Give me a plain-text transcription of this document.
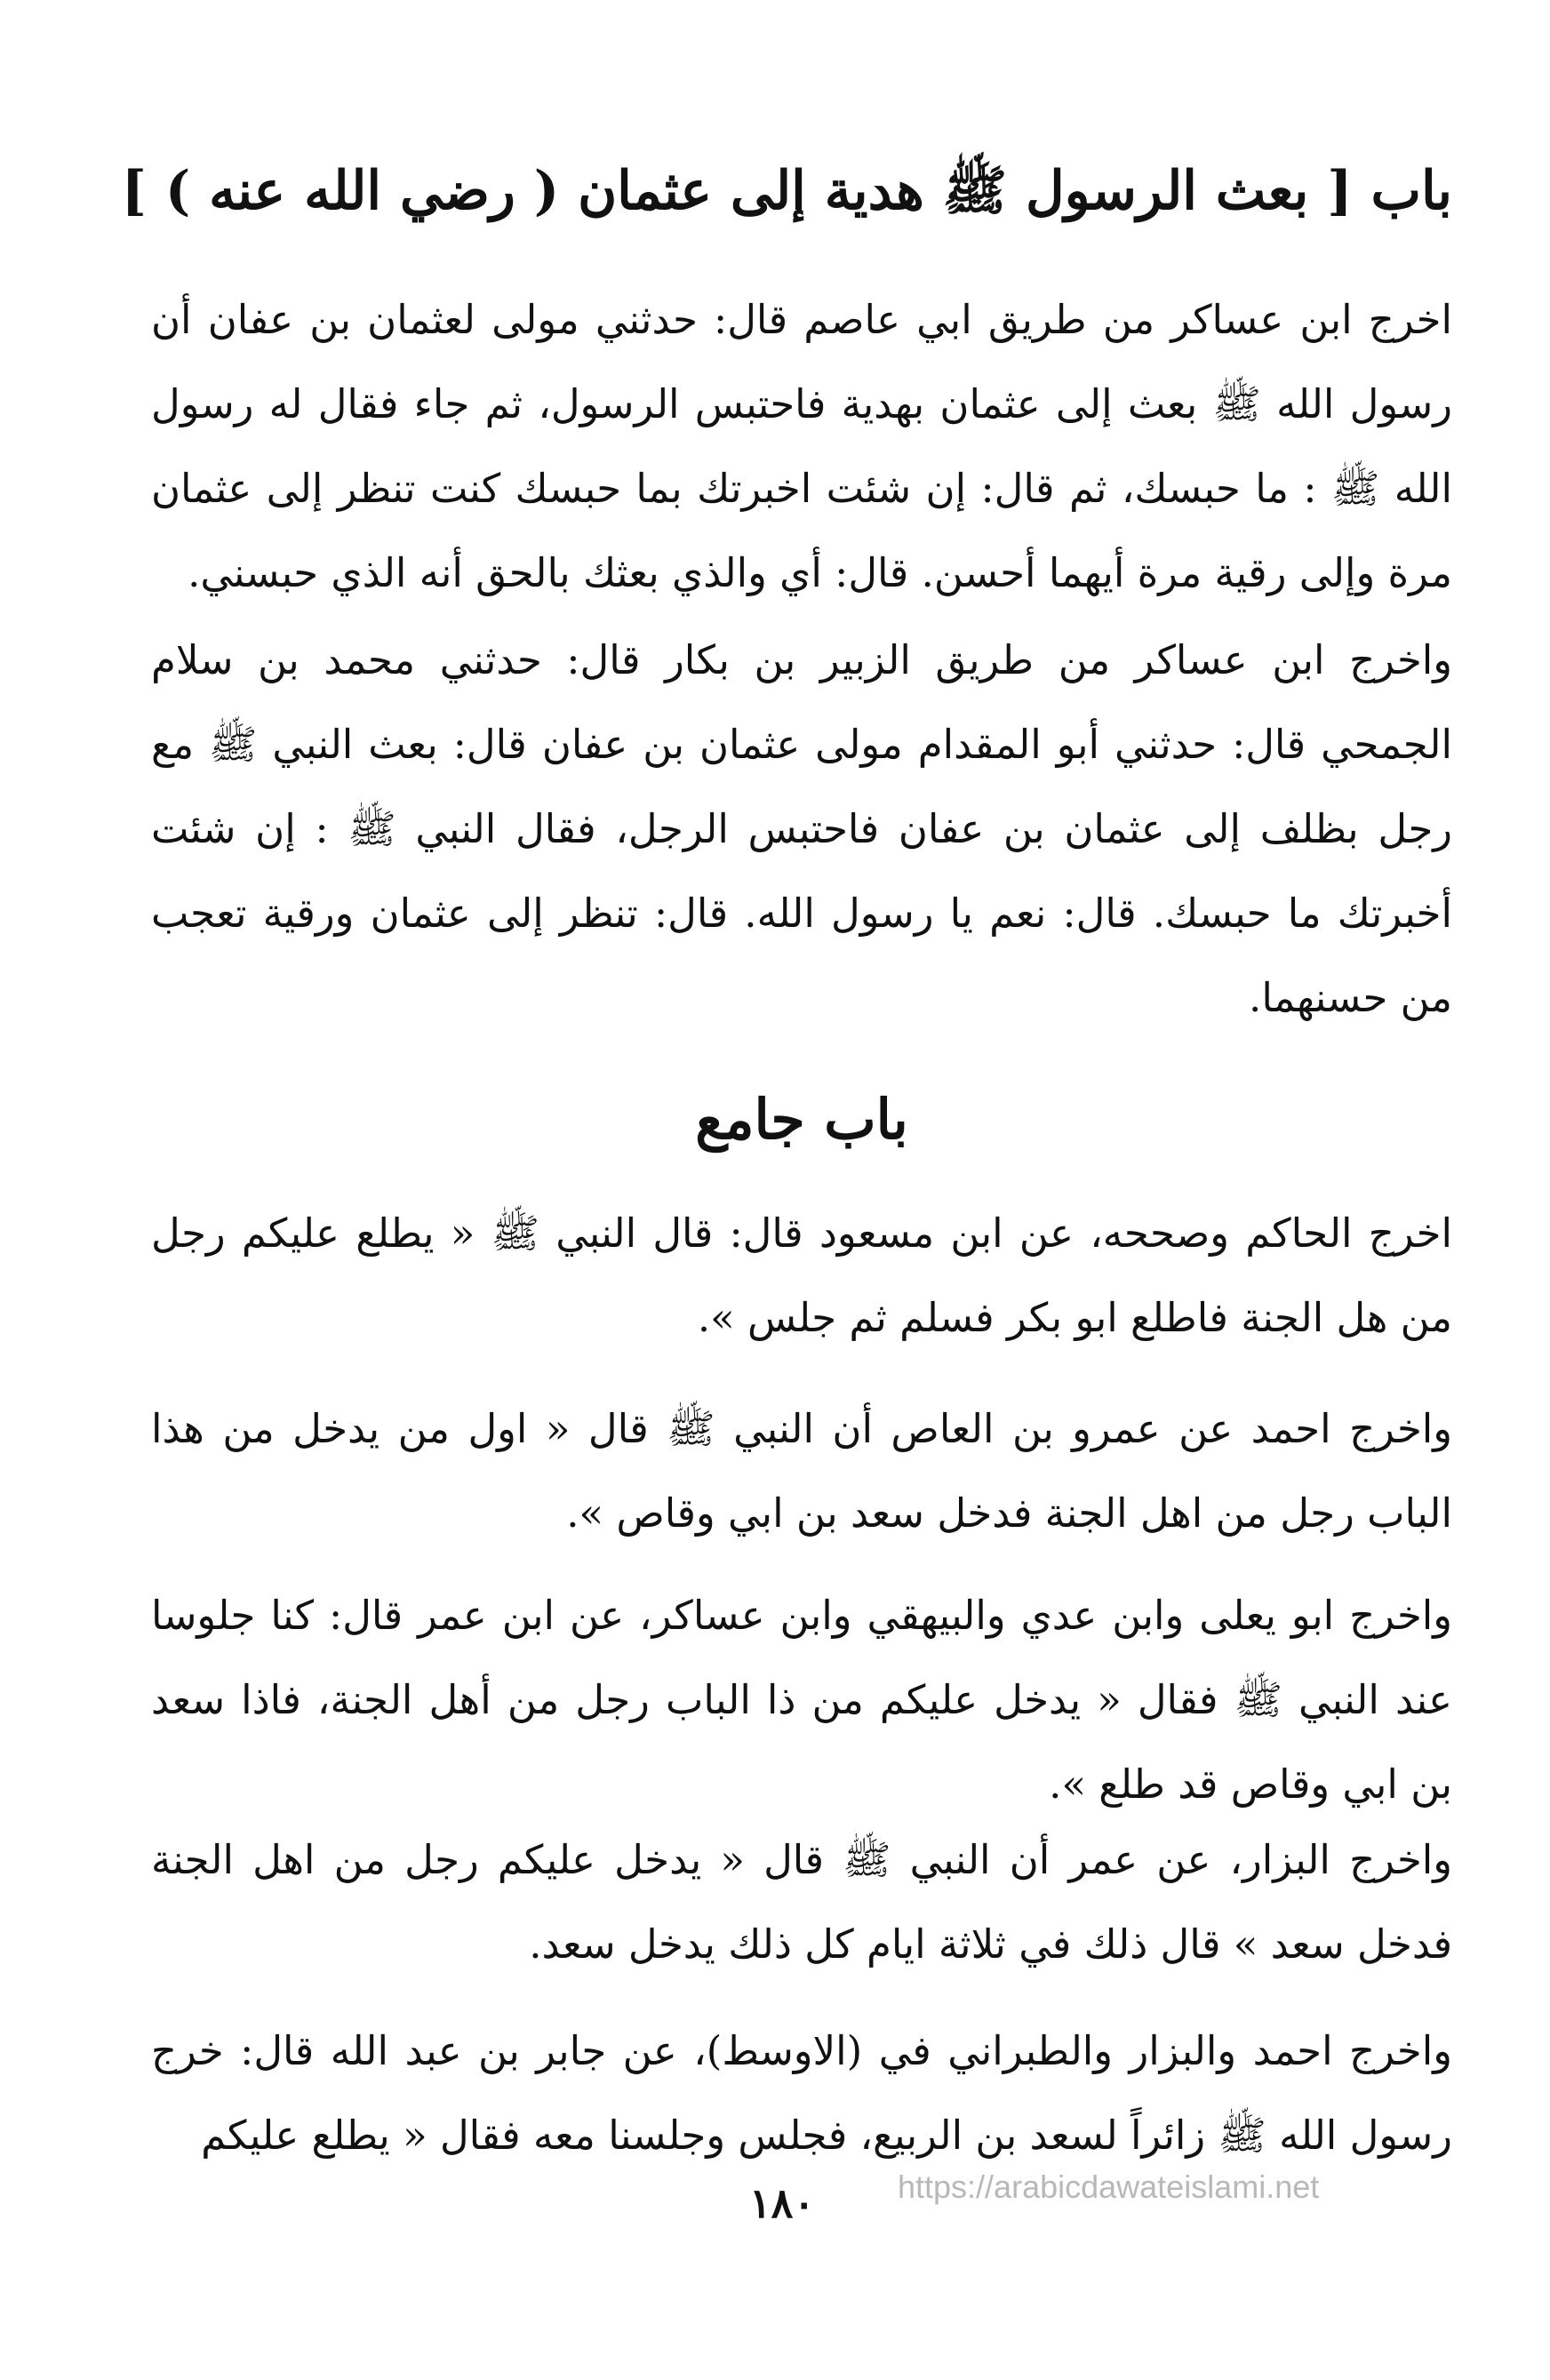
باب [ بعث الرسول ﷺ هدية إلى عثمان ( رضي الله عنه ) ]

اخرج ابن عساكر من طريق ابي عاصم قال: حدثني مولى لعثمان بن عفان أن رسول الله ﷺ بعث إلى عثمان بهدية فاحتبس الرسول، ثم جاء فقال له رسول الله ﷺ : ما حبسك، ثم قال: إن شئت اخبرتك بما حبسك كنت تنظر إلى عثمان مرة وإلى رقية مرة أيهما أحسن. قال: أي والذي بعثك بالحق أنه الذي حبسني.

واخرج ابن عساكر من طريق الزبير بن بكار قال: حدثني محمد بن سلام الجمحي قال: حدثني أبو المقدام مولى عثمان بن عفان قال: بعث النبي ﷺ مع رجل بظلف إلى عثمان بن عفان فاحتبس الرجل، فقال النبي ﷺ : إن شئت أخبرتك ما حبسك. قال: نعم يا رسول الله. قال: تنظر إلى عثمان ورقية تعجب من حسنهما.

باب جامع

اخرج الحاكم وصححه، عن ابن مسعود قال: قال النبي ﷺ « يطلع عليكم رجل من هل الجنة فاطلع ابو بكر فسلم ثم جلس ».

واخرج احمد عن عمرو بن العاص أن النبي ﷺ قال « اول من يدخل من هذا الباب رجل من اهل الجنة فدخل سعد بن ابي وقاص ».

واخرج ابو يعلى وابن عدي والبيهقي وابن عساكر، عن ابن عمر قال: كنا جلوسا عند النبي ﷺ فقال « يدخل عليكم من ذا الباب رجل من أهل الجنة، فاذا سعد بن ابي وقاص قد طلع ».

واخرج البزار، عن عمر أن النبي ﷺ قال « يدخل عليكم رجل من اهل الجنة فدخل سعد » قال ذلك في ثلاثة ايام كل ذلك يدخل سعد.

واخرج احمد والبزار والطبراني في (الاوسط)، عن جابر بن عبد الله قال: خرج رسول الله ﷺ زائراً لسعد بن الربيع، فجلس وجلسنا معه فقال « يطلع عليكم

https://arabicdawateislami.net
١٨٠
